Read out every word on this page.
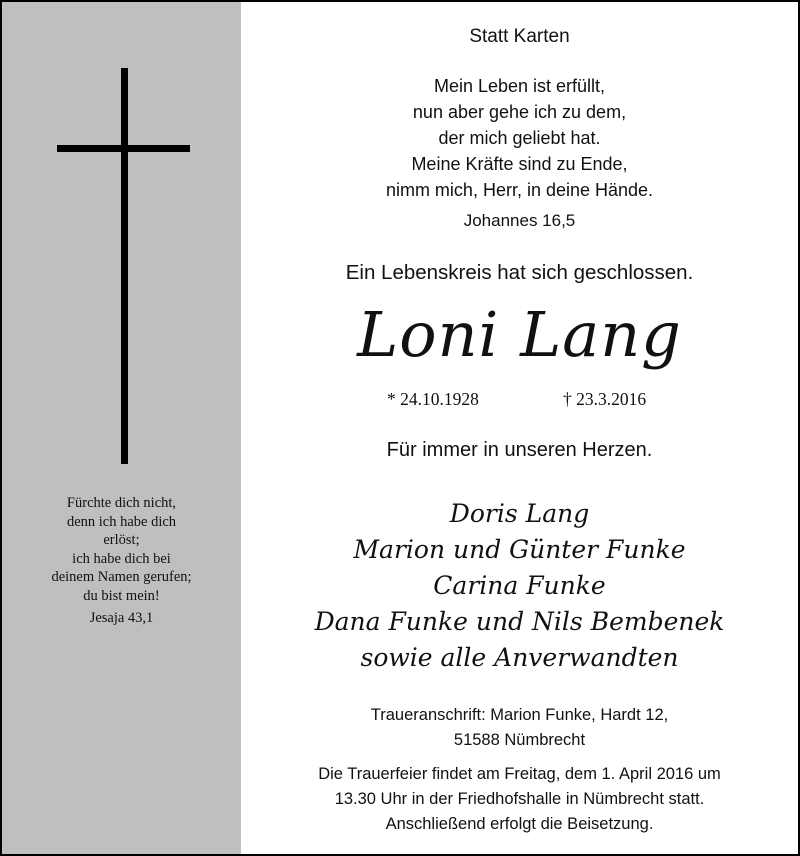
Fürchte dich nicht,
denn ich habe dich
erlöst;
ich habe dich bei
deinem Namen gerufen;
du bist mein!
Jesaja 43,1
Statt Karten
Mein Leben ist erfüllt,
nun aber gehe ich zu dem,
der mich geliebt hat.
Meine Kräfte sind zu Ende,
nimm mich, Herr, in deine Hände.
Johannes 16,5
Ein Lebenskreis hat sich geschlossen.
Loni Lang
* 24.10.1928	† 23.3.2016
Für immer in unseren Herzen.
Doris Lang
Marion und Günter Funke
Carina Funke
Dana Funke und Nils Bembenek
sowie alle Anverwandten
Traueranschrift: Marion Funke, Hardt 12,
51588 Nümbrecht
Die Trauerfeier findet am Freitag, dem 1. April 2016 um
13.30 Uhr in der Friedhofshalle in Nümbrecht statt.
Anschließend erfolgt die Beisetzung.
